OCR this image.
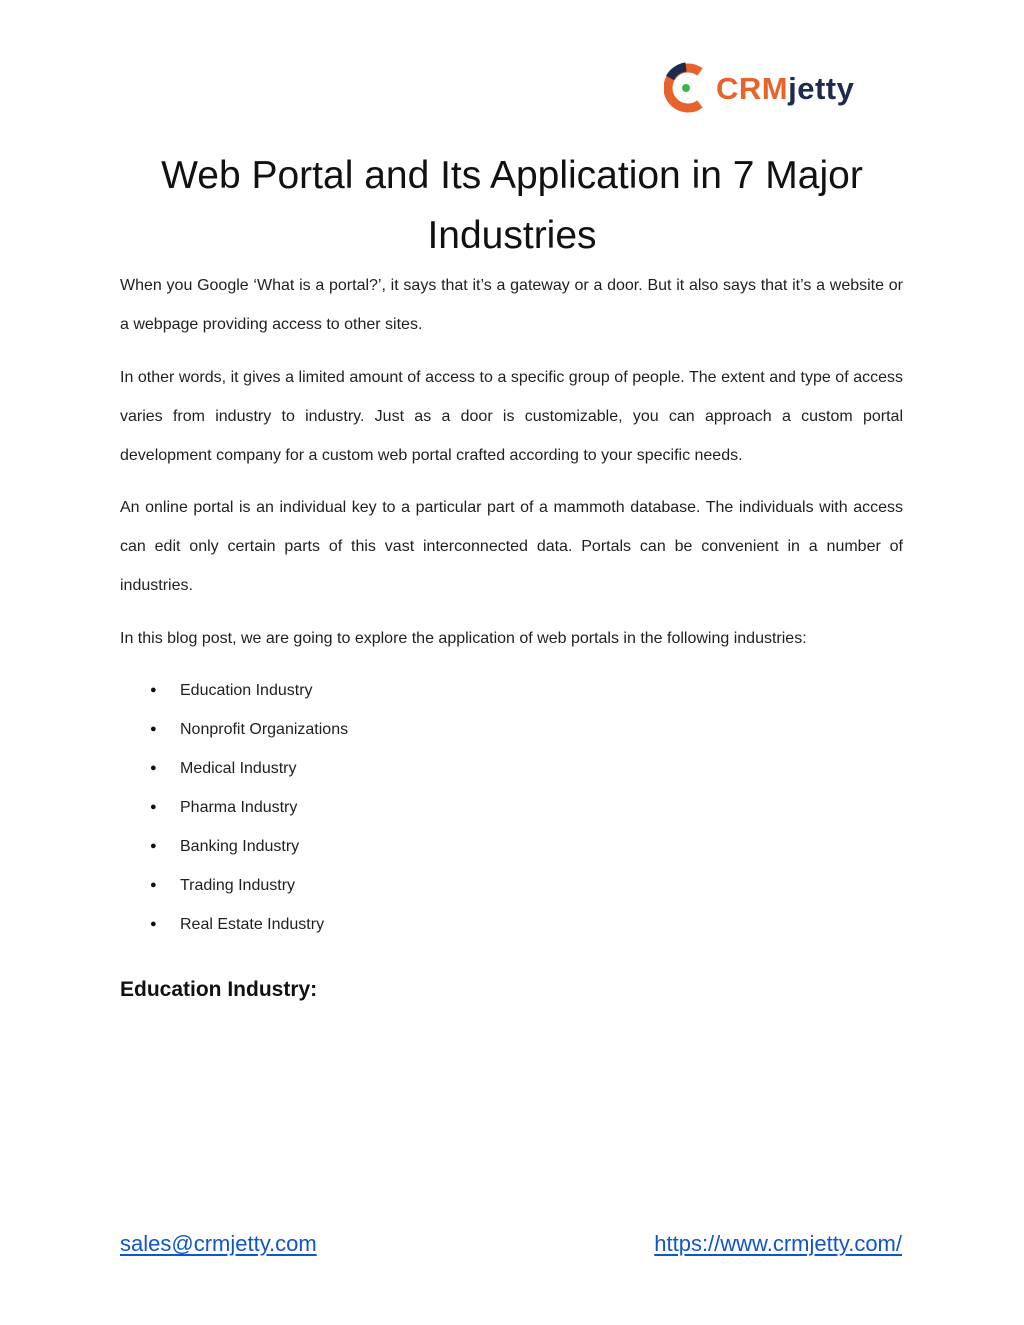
CRMjetty
Web Portal and Its Application in 7 Major Industries

When you Google ‘What is a portal?’, it says that it’s a gateway or a door. But it also says that it’s a website or a webpage providing access to other sites.

In other words, it gives a limited amount of access to a specific group of people. The extent and type of access varies from industry to industry. Just as a door is customizable, you can approach a custom portal development company for a custom web portal crafted according to your specific needs.

An online portal is an individual key to a particular part of a mammoth database. The individuals with access can edit only certain parts of this vast interconnected data. Portals can be convenient in a number of industries.

In this blog post, we are going to explore the application of web portals in the following industries:

●	Education Industry
●	Nonprofit Organizations
●	Medical Industry
●	Pharma Industry
●	Banking Industry
●	Trading Industry
●	Real Estate Industry
Education Industry:
sales@crmjetty.com	https://www.crmjetty.com/
